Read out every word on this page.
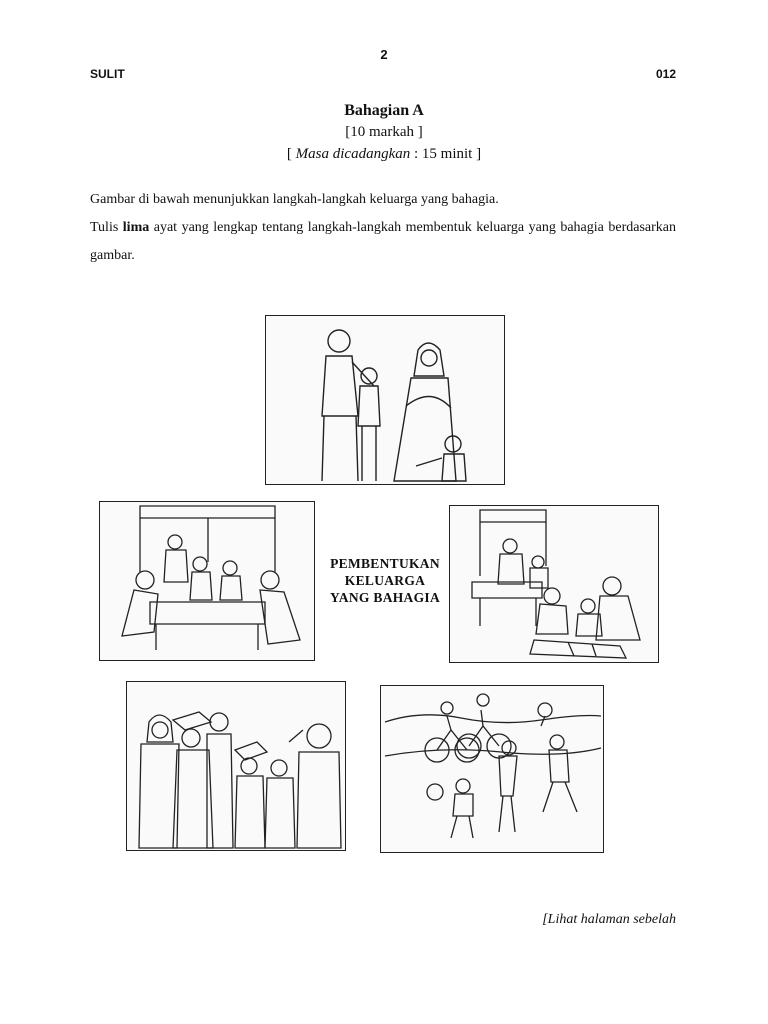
2
SULIT	012
Bahagian A
[10 markah ]
[ Masa dicadangkan : 15 minit ]

Gambar di bawah menunjukkan langkah-langkah keluarga yang bahagia.

Tulis lima ayat yang lengkap tentang langkah-langkah membentuk keluarga yang bahagia berdasarkan gambar.

PEMBENTUKAN
KELUARGA
YANG BAHAGIA
[Lihat halaman sebelah
